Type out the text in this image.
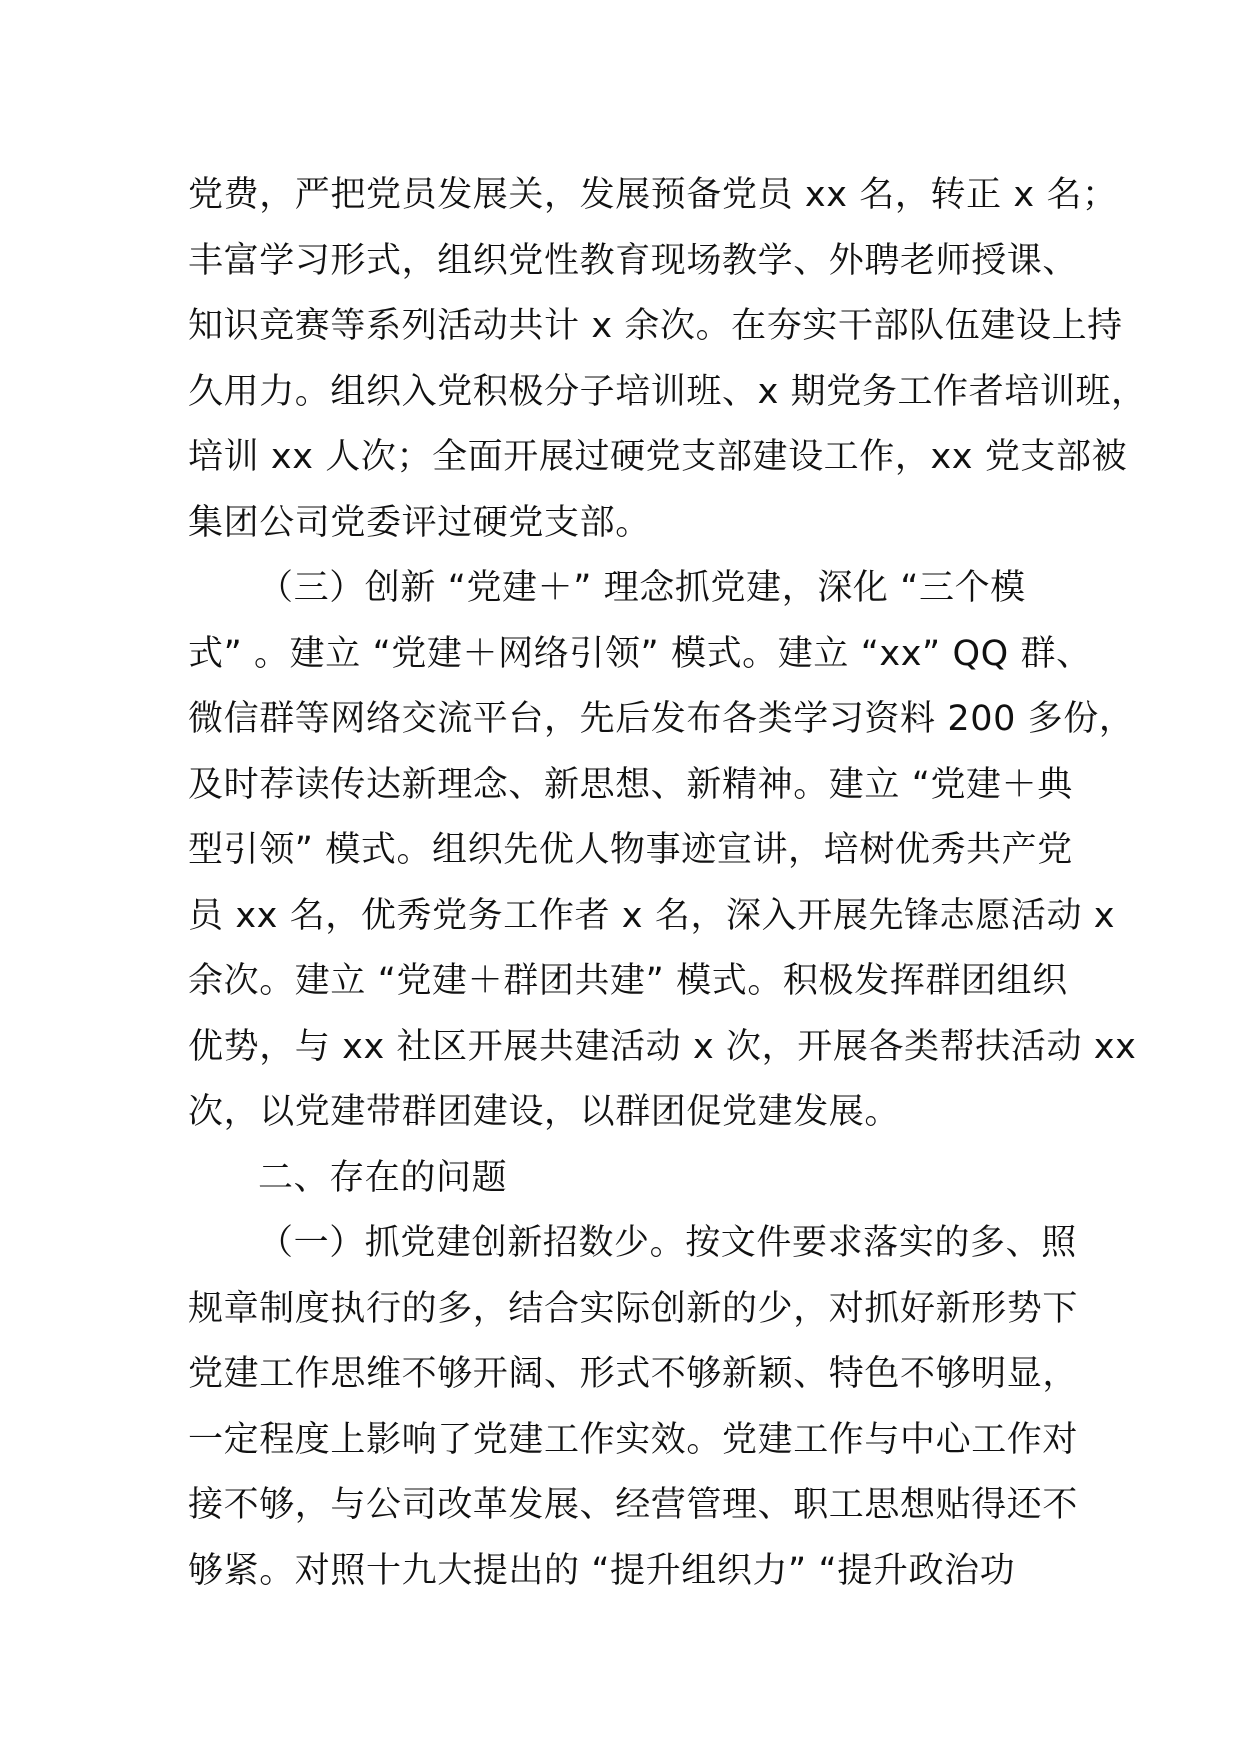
党费，严把党员发展关，发展预备党员 xx 名，转正 x 名；
丰富学习形式，组织党性教育现场教学、外聘老师授课、
知识竞赛等系列活动共计 x 余次。在夯实干部队伍建设上持
久用力。组织入党积极分子培训班、x 期党务工作者培训班，
培训 xx 人次；全面开展过硬党支部建设工作，xx 党支部被
集团公司党委评过硬党支部。
（三）创新 “党建＋” 理念抓党建，深化 “三个模
式” 。建立 “党建＋网络引领” 模式。建立 “xx” QQ 群、
微信群等网络交流平台，先后发布各类学习资料 200 多份，
及时荐读传达新理念、新思想、新精神。建立 “党建＋典
型引领” 模式。组织先优人物事迹宣讲，培树优秀共产党
员 xx 名，优秀党务工作者 x 名，深入开展先锋志愿活动 x
余次。建立 “党建＋群团共建” 模式。积极发挥群团组织
优势，与 xx 社区开展共建活动 x 次，开展各类帮扶活动 xx
次，以党建带群团建设，以群团促党建发展。
二、存在的问题
（一）抓党建创新招数少。按文件要求落实的多、照
规章制度执行的多，结合实际创新的少，对抓好新形势下
党建工作思维不够开阔、形式不够新颖、特色不够明显，
一定程度上影响了党建工作实效。党建工作与中心工作对
接不够，与公司改革发展、经营管理、职工思想贴得还不
够紧。对照十九大提出的 “提升组织力” “提升政治功
